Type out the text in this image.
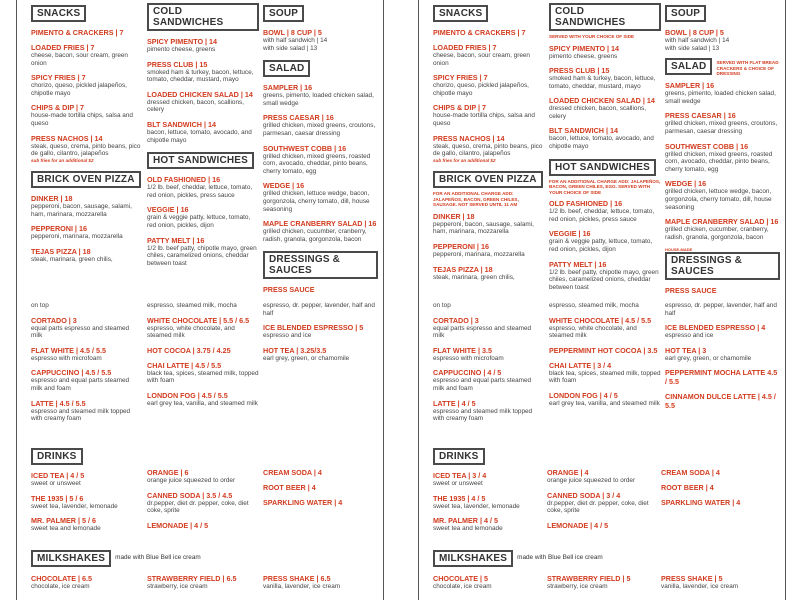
SNACKS
PIMENTO & CRACKERS | 7
LOADED FRIES | 7
cheese, bacon, sour cream, green onion
SPICY FRIES | 7
chorizo, queso, pickled jalapeños, chipotle mayo
CHIPS & DIP | 7
house-made tortilla chips, salsa and queso
PRESS NACHOS | 14
steak, queso, crema, pinto beans, pico de gallo, cilantro, jalapeños
sub fries for an additional $2
BRICK OVEN PIZZA
DINKER | 18
pepperoni, bacon, sausage, salami, ham, marinara, mozzarella
PEPPERONI | 16
pepperoni, marinara, mozzarella
TEJAS PIZZA | 18
steak, marinara, green chilis,
COLD SANDWICHES
SPICY PIMENTO | 14
pimento cheese, greens
PRESS CLUB | 15
smoked ham & turkey, bacon, lettuce, tomato, cheddar, mustard, mayo
LOADED CHICKEN SALAD | 14
dressed chicken, bacon, scallions, celery
BLT SANDWICH | 14
bacon, lettuce, tomato, avocado, and chipotle mayo
HOT SANDWICHES
OLD FASHIONED | 16
1/2 lb. beef, cheddar, lettuce, tomato, red onion, pickles, press sauce
VEGGIE | 16
grain & veggie patty, lettuce, tomato, red onion, pickles, dijon
PATTY MELT | 16
1/2 lb. beef patty, chipotle mayo, green chiles, caramelized onions, cheddar between toast
SOUP
BOWL | 8 CUP | 5
with half sandwich | 14
with side salad | 13
SALAD
SAMPLER | 16
greens, pimento, loaded chicken salad, small wedge
PRESS CAESAR | 16
grilled chicken, mixed greens, croutons, parmesan, caesar dressing
SOUTHWEST COBB | 16
grilled chicken, mixed greens, roasted corn, avocado, cheddar, pinto beans, cherry tomato, egg
WEDGE | 16
grilled chicken, lettuce wedge, bacon, gorgonzola, cherry tomato, dill, house seasoning
MAPLE CRANBERRY SALAD | 16
grilled chicken, cucumber, cranberry, radish, granola, gorgonzola, bacon
DRESSINGS & SAUCES
PRESS SAUCE
on top
CORTADO | 3
equal parts espresso and steamed milk
FLAT WHITE | 4.5 / 5.5
espresso with microfoam
CAPPUCCINO | 4.5 / 5.5
espresso and equal parts steamed milk and foam
LATTE | 4.5 / 5.5
espresso and steamed milk topped with creamy foam
espresso, steamed milk, mocha
WHITE CHOCOLATE | 5.5 / 6.5
espresso, white chocolate, and steamed milk
HOT COCOA | 3.75 / 4.25
CHAI LATTE | 4.5 / 5.5
black tea, spices, steamed milk, topped with foam
LONDON FOG | 4.5 / 5.5
earl grey tea, vanilla, and steamed milk
espresso, dr. pepper, lavender, half and half
ICE BLENDED ESPRESSO | 5
espresso and ice
HOT TEA | 3.25/3.5
earl grey, green, or chamomile
DRINKS
ICED TEA | 4 / 5
sweet or unsweet
THE 1935 | 5 / 6
sweet tea, lavender, lemonade
MR. PALMER | 5 / 6
sweet tea and lemonade
ORANGE | 6
orange juice squeezed to order
CANNED SODA | 3.5 / 4.5
dr.pepper, diet dr. pepper, coke, diet coke, sprite
LEMONADE | 4 / 5
CREAM SODA | 4
ROOT BEER | 4
SPARKLING WATER | 4
MILKSHAKES	made with Blue Bell ice cream
CHOCOLATE | 6.5
chocolate, ice cream
STRAWBERRY FIELD | 6.5
strawberry, ice cream
PRESS SHAKE | 6.5
vanilla, lavender, ice cream
SNACKS
PIMENTO & CRACKERS | 7
LOADED FRIES | 7
cheese, bacon, sour cream, green onion
SPICY FRIES | 7
chorizo, queso, pickled jalapeños, chipotle mayo
CHIPS & DIP | 7
house-made tortilla chips, salsa and queso
PRESS NACHOS | 14
steak, queso, crema, pinto beans, pico de gallo, cilantro, jalapeños
sub fries for an additional $2
BRICK OVEN PIZZA
FOR AN ADDITIONAL CHARGE ADD: JALAPEÑOS, BACON, GREEN CHILES, SAUSAGE. NOT SERVED UNTIL 11 AM
DINKER | 18
pepperoni, bacon, sausage, salami, ham, marinara, mozzarella
PEPPERONI | 16
pepperoni, marinara, mozzarella
TEJAS PIZZA | 18
steak, marinara, green chilis,
COLD SANDWICHES
SERVED WITH YOUR CHOICE OF SIDE
SPICY PIMENTO | 14
pimento cheese, greens
PRESS CLUB | 15
smoked ham & turkey, bacon, lettuce, tomato, cheddar, mustard, mayo
LOADED CHICKEN SALAD | 14
dressed chicken, bacon, scallions, celery
BLT SANDWICH | 14
bacon, lettuce, tomato, avocado, and chipotle mayo
HOT SANDWICHES
FOR AN ADDITIONAL CHARGE ADD: JALAPEÑOS, BACON, GREEN CHILES, EGG. SERVED WITH YOUR CHOICE OF SIDE
OLD FASHIONED | 16
1/2 lb. beef, cheddar, lettuce, tomato, red onion, pickles, press sauce
VEGGIE | 16
grain & veggie patty, lettuce, tomato, red onion, pickles, dijon
PATTY MELT | 16
1/2 lb. beef patty, chipotle mayo, green chiles, caramelized onions, cheddar between toast
SOUP
BOWL | 8 CUP | 5
with half sandwich | 14
with side salad | 13
SALAD	SERVED WITH FLAT BREAD CRACKERS & CHOICE OF DRESSING
SAMPLER | 16
greens, pimento, loaded chicken salad, small wedge
PRESS CAESAR | 16
grilled chicken, mixed greens, croutons, parmesan, caesar dressing
SOUTHWEST COBB | 16
grilled chicken, mixed greens, roasted corn, avocado, cheddar, pinto beans, cherry tomato, egg
WEDGE | 16
grilled chicken, lettuce wedge, bacon, gorgonzola, cherry tomato, dill, house seasoning
MAPLE CRANBERRY SALAD | 16
grilled chicken, cucumber, cranberry, radish, granola, gorgonzola, bacon
HOUSE-MADE
DRESSINGS & SAUCES
PRESS SAUCE
on top
CORTADO | 3
equal parts espresso and steamed milk
FLAT WHITE | 3.5
espresso with microfoam
CAPPUCCINO | 4 / 5
espresso and equal parts steamed milk and foam
LATTE | 4 / 5
espresso and steamed milk topped with creamy foam
espresso, steamed milk, mocha
WHITE CHOCOLATE | 4.5 / 5.5
espresso, white chocolate, and steamed milk
PEPPERMINT HOT COCOA | 3.5
CHAI LATTE | 3 / 4
black tea, spices, steamed milk, topped with foam
LONDON FOG | 4 / 5
earl grey tea, vanilla, and steamed milk
espresso, dr. pepper, lavender, half and half
ICE BLENDED ESPRESSO | 4
espresso and ice
HOT TEA | 3
earl grey, green, or chamomile
PEPPERMINT MOCHA LATTE 4.5 / 5.5
CINNAMON DULCE LATTE | 4.5 / 5.5
DRINKS
ICED TEA | 3 / 4
sweet or unsweet
THE 1935 | 4 / 5
sweet tea, lavender, lemonade
MR. PALMER | 4 / 5
sweet tea and lemonade
ORANGE | 4
orange juice squeezed to order
CANNED SODA | 3 / 4
dr.pepper, diet dr. pepper, coke, diet coke, sprite
LEMONADE | 4 / 5
CREAM SODA | 4
ROOT BEER | 4
SPARKLING WATER | 4
MILKSHAKES	made with Blue Bell ice cream
CHOCOLATE | 5
chocolate, ice cream
STRAWBERRY FIELD | 5
strawberry, ice cream
PRESS SHAKE | 5
vanilla, lavender, ice cream
